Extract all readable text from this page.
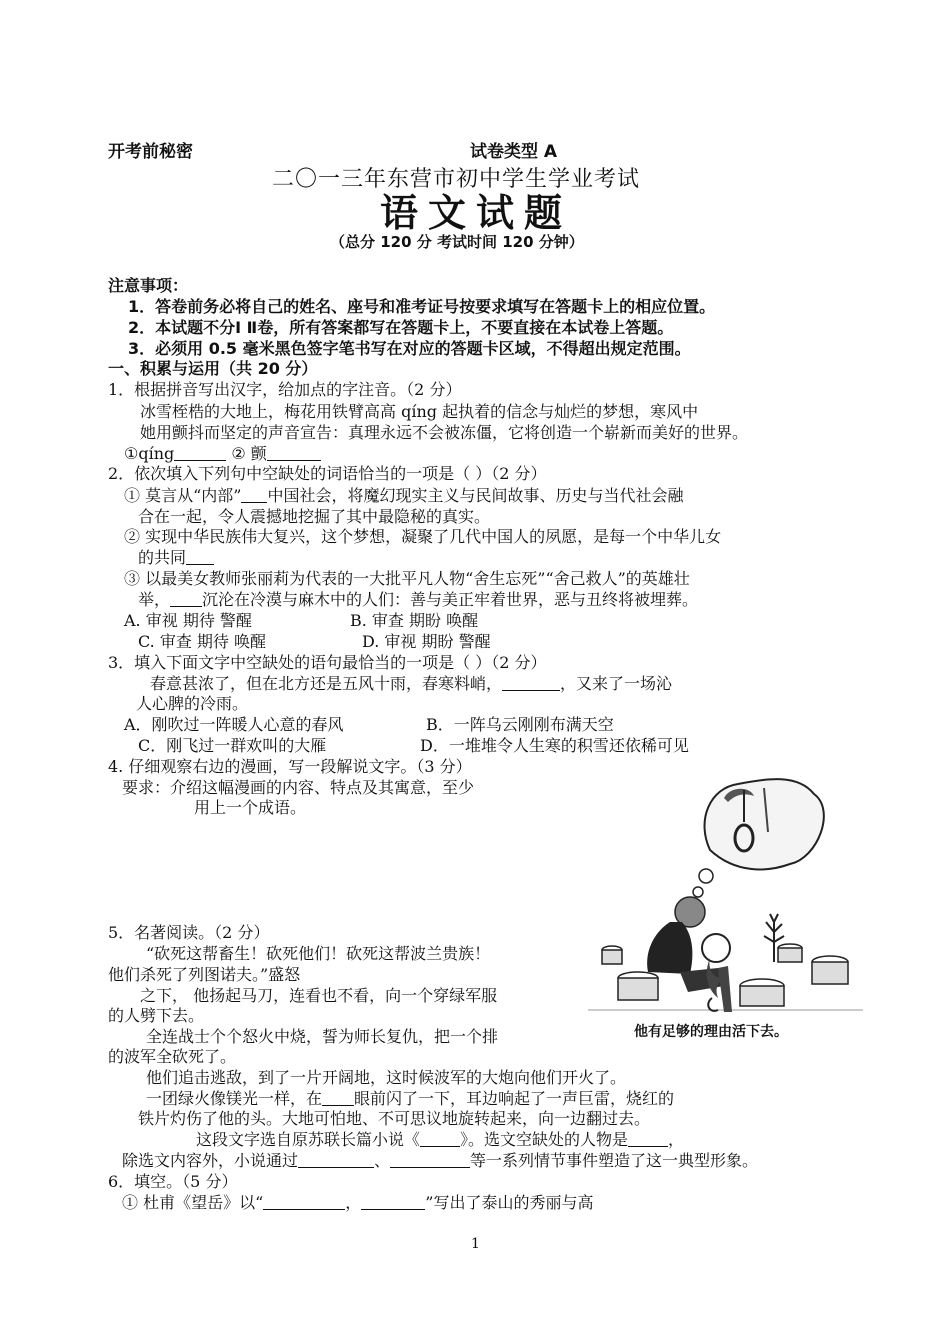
开考前秘密	试卷类型 A
二〇一三年东营市初中学生学业考试
语文试题
（总分 120 分 考试时间 120 分钟）
注意事项：
1．答卷前务必将自己的姓名、座号和准考证号按要求填写在答题卡上的相应位置。
2．本试题不分Ⅰ Ⅱ卷，所有答案都写在答题卡上，不要直接在本试卷上答题。
3．必须用 0.5 毫米黑色签字笔书写在对应的答题卡区域，不得超出规定范围。
一、积累与运用（共 20 分）
1．根据拼音写出汉字，给加点的字注音。（2 分）
冰雪桎梏的大地上，梅花用铁臂高高 qíng 起执着的信念与灿烂的梦想，寒风中
她用颤抖而坚定的声音宣告：真理永远不会被冻僵，它将创造一个崭新而美好的世界。
①qíng	② 颤
2．依次填入下列句中空缺处的词语恰当的一项是（ ）（2 分）
① 莫言从“内部” 中国社会，将魔幻现实主义与民间故事、历史与当代社会融
合在一起，令人震撼地挖掘了其中最隐秘的真实。
② 实现中华民族伟大复兴，这个梦想，凝聚了几代中国人的夙愿，是每一个中华儿女
的共同
③ 以最美女教师张丽莉为代表的一大批平凡人物“舍生忘死”“舍己救人”的英雄壮
举， 沉沦在冷漠与麻木中的人们：善与美正牢着世界，恶与丑终将被埋葬。
A. 审视 期待 警醒	B. 审查 期盼 唤醒
C. 审查 期待 唤醒	D. 审视 期盼 警醒
3．填入下面文字中空缺处的语句最恰当的一项是（ ）（2 分）
春意甚浓了，但在北方还是五风十雨，春寒料峭，	，又来了一场沁
人心脾的冷雨。
A．刚吹过一阵暖人心意的春风	B．一阵乌云刚刚布满天空
C．刚飞过一群欢叫的大雁	D．一堆堆令人生寒的积雪还依稀可见
4. 仔细观察右边的漫画，写一段解说文字。（3 分）
要求：介绍这幅漫画的内容、特点及其寓意，至少
用上一个成语。
他有足够的理由活下去。
5．名著阅读。（2 分）
“砍死这帮畜生！砍死他们！砍死这帮波兰贵族！
他们杀死了列图诺夫。”盛怒
之下， 他扬起马刀，连看也不看，向一个穿绿军服
的人劈下去。
全连战士个个怒火中烧，誓为师长复仇，把一个排
的波军全砍死了。
他们追击逃敌，到了一片开阔地，这时候波军的大炮向他们开火了。
一团绿火像镁光一样，在 眼前闪了一下，耳边响起了一声巨雷，烧红的
铁片灼伤了他的头。大地可怕地、不可思议地旋转起来，向一边翻过去。
这段文字选自原苏联长篇小说《	》。选文空缺处的人物是	，
除选文内容外，小说通过	、	等一系列情节事件塑造了这一典型形象。
6．填空。（5 分）
① 杜甫《望岳》以“	，	”写出了泰山的秀丽与高
1
